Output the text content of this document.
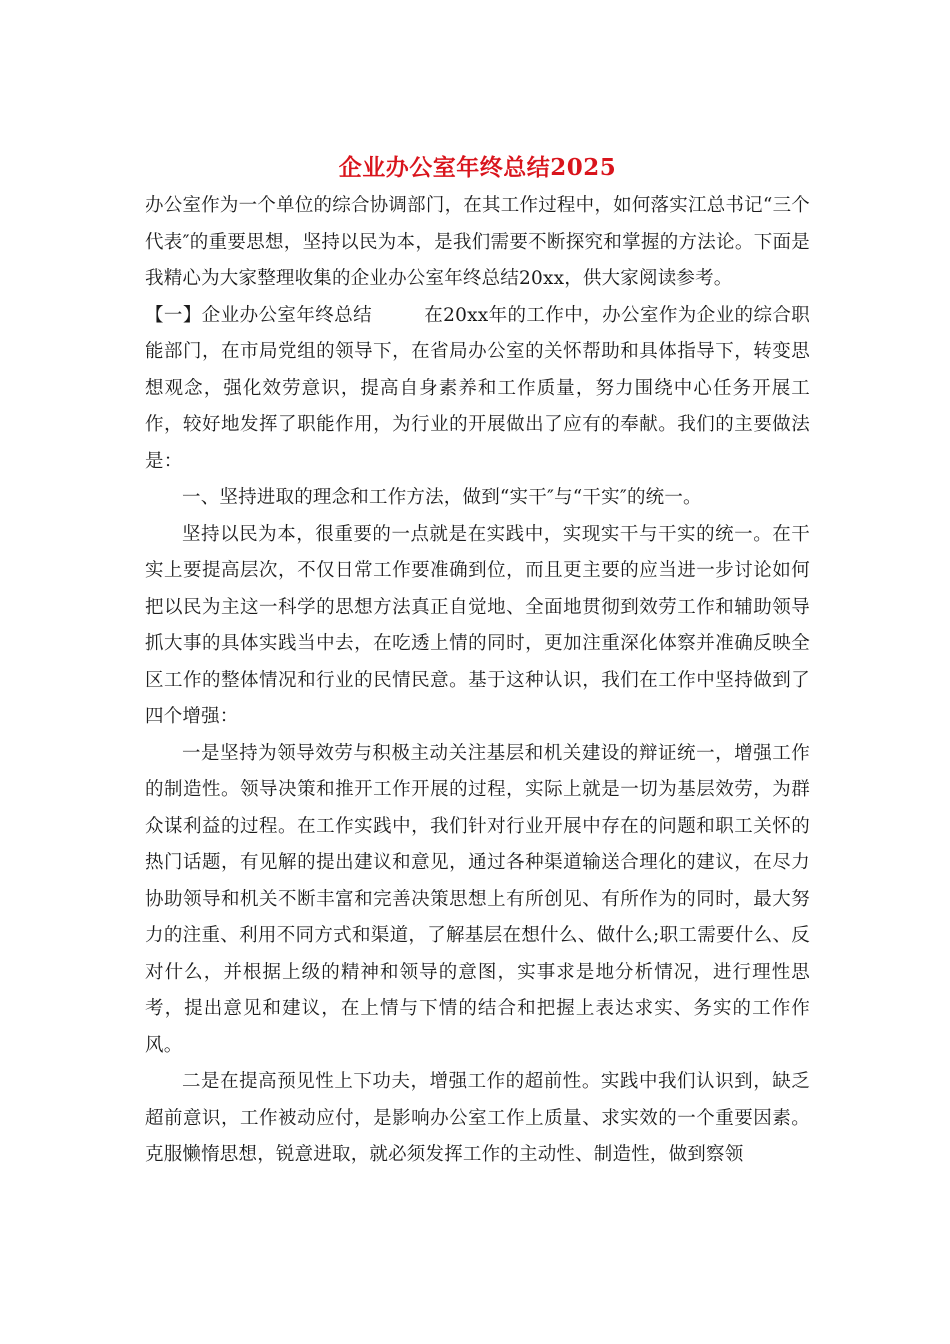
企业办公室年终总结2025

办公室作为一个单位的综合协调部门，在其工作过程中，如何落实江总书记“三个代表″的重要思想，坚持以民为本，是我们需要不断探究和掌握的方法论。下面是我精心为大家整理收集的企业办公室年终总结20xx，供大家阅读参考。

【一】企业办公室年终总结	在20xx年的工作中，办公室作为企业的综合职能部门，在市局党组的领导下，在省局办公室的关怀帮助和具体指导下，转变思想观念，强化效劳意识，提高自身素养和工作质量，努力围绕中心任务开展工作，较好地发挥了职能作用，为行业的开展做出了应有的奉献。我们的主要做法是：

一、坚持进取的理念和工作方法，做到“实干″与“干实″的统一。

坚持以民为本，很重要的一点就是在实践中，实现实干与干实的统一。在干实上要提高层次，不仅日常工作要准确到位，而且更主要的应当进一步讨论如何把以民为主这一科学的思想方法真正自觉地、全面地贯彻到效劳工作和辅助领导抓大事的具体实践当中去，在吃透上情的同时，更加注重深化体察并准确反映全区工作的整体情况和行业的民情民意。基于这种认识，我们在工作中坚持做到了四个增强：

一是坚持为领导效劳与积极主动关注基层和机关建设的辩证统一，增强工作的制造性。领导决策和推开工作开展的过程，实际上就是一切为基层效劳，为群众谋利益的过程。在工作实践中，我们针对行业开展中存在的问题和职工关怀的热门话题，有见解的提出建议和意见，通过各种渠道输送合理化的建议，在尽力协助领导和机关不断丰富和完善决策思想上有所创见、有所作为的同时，最大努力的注重、利用不同方式和渠道，了解基层在想什么、做什么;职工需要什么、反对什么，并根据上级的精神和领导的意图，实事求是地分析情况，进行理性思考，提出意见和建议，在上情与下情的结合和把握上表达求实、务实的工作作风。

二是在提高预见性上下功夫，增强工作的超前性。实践中我们认识到，缺乏超前意识，工作被动应付，是影响办公室工作上质量、求实效的一个重要因素。克服懒惰思想，锐意进取，就必须发挥工作的主动性、制造性，做到察领
